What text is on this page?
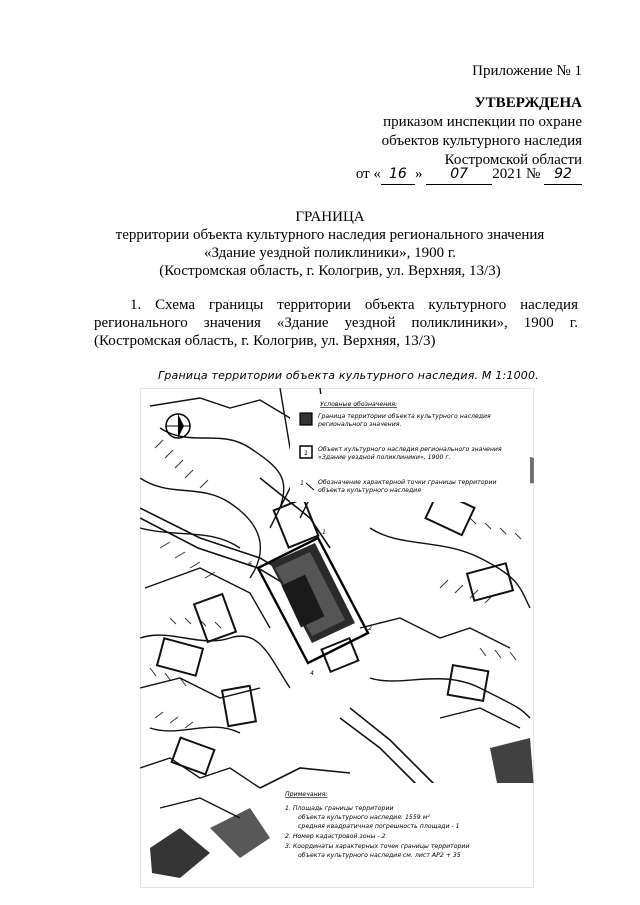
Приложение № 1
УТВЕРЖДЕНА
приказом инспекции по охране
объектов культурного наследия
Костромской области
от « 16 » 07 2021 № 92
ГРАНИЦА
территории объекта культурного наследия регионального значения
«Здание уездной поликлиники», 1900 г.
(Костромская область, г. Кологрив, ул. Верхняя, 13/3)
1. Схема границы территории объекта культурного наследия
регионального значения «Здание уездной поликлиники», 1900 г.
(Костромская область, г. Кологрив, ул. Верхняя, 13/3)
Граница территории объекта культурного наследия. М 1:1000.
6
2
4
1
Условные обозначения:
Граница территории объекта культурного наследия
регионального значения.
1
Объект культурного наследия регионального значения
«Здание уездной поликлиники», 1900 г.
1 Обозначение характерной точки границы территории
объекта культурного наследия
Примечания:
1. Площадь границы территории
объекта культурного наследия: 1559 м²
средняя квадратичная погрешность площади - 1
2. Номер кадастровой зоны - 2
3. Координаты характерных точек границы территории
объекта культурного наследия см. лист АР2 + 35
